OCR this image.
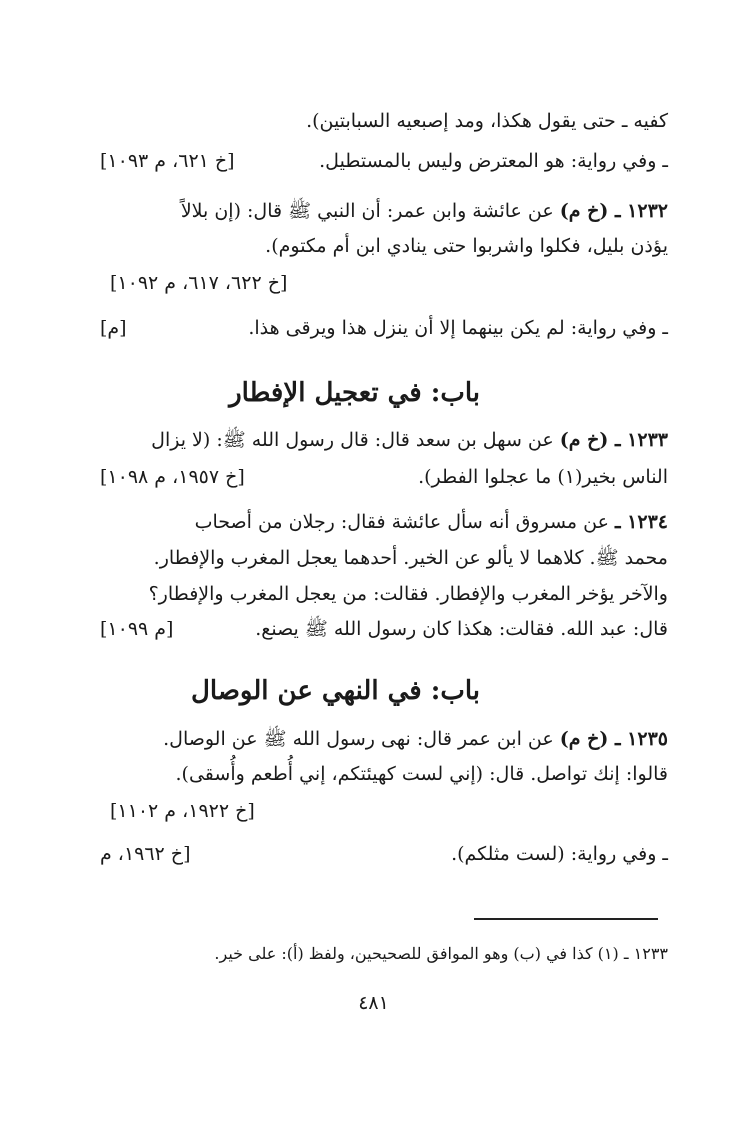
كفيه ـ حتى يقول هكذا، ومد إصبعيه السبابتين).
ـ وفي رواية: هو المعترض وليس بالمستطيل.
[خ ٦٢١، م ١٠٩٣]
١٢٣٢ ـ (خ م) عن عائشة وابن عمر: أن النبي ﷺ قال: (إن بلالاً
يؤذن بليل، فكلوا واشربوا حتى ينادي ابن أم مكتوم).
[خ ٦٢٢، ٦١٧، م ١٠٩٢]
ـ وفي رواية: لم يكن بينهما إلا أن ينزل هذا ويرقى هذا.
[م]
باب: في تعجيل الإفطار
١٢٣٣ ـ (خ م) عن سهل بن سعد قال: قال رسول الله ﷺ: (لا يزال
الناس بخير(١) ما عجلوا الفطر).
[خ ١٩٥٧، م ١٠٩٨]
١٢٣٤ ـ عن مسروق أنه سأل عائشة فقال: رجلان من أصحاب
محمد ﷺ. كلاهما لا يألو عن الخير. أحدهما يعجل المغرب والإفطار.
والآخر يؤخر المغرب والإفطار. فقالت: من يعجل المغرب والإفطار؟
قال: عبد الله. فقالت: هكذا كان رسول الله ﷺ يصنع.
[م ١٠٩٩]
باب: في النهي عن الوصال
١٢٣٥ ـ (خ م) عن ابن عمر قال: نهى رسول الله ﷺ عن الوصال.
قالوا: إنك تواصل. قال: (إني لست كهيئتكم، إني أُطعم وأُسقى).
[خ ١٩٢٢، م ١١٠٢]
ـ وفي رواية: (لست مثلكم).
[خ ١٩٦٢، م
١٢٣٣ ـ (١) كذا في (ب) وهو الموافق للصحيحين، ولفظ (أ): على خير.
٤٨١
